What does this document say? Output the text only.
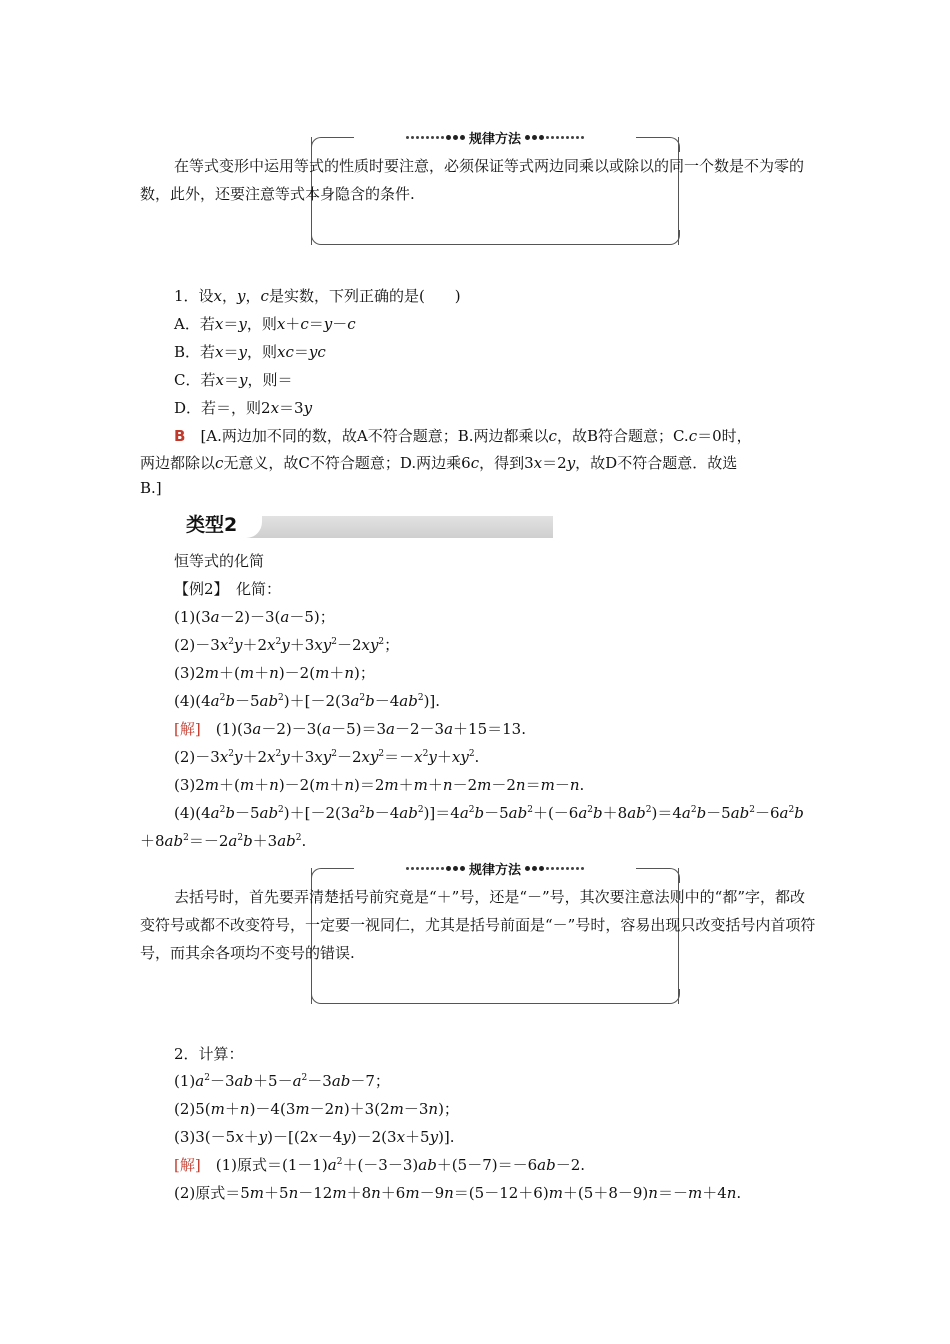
规律方法
在等式变形中运用等式的性质时要注意，必须保证等式两边同乘以或除以的同一个数是不为零的数，此外，还要注意等式本身隐含的条件.
1．设x，y，c是实数，下列正确的是(　　)
A．若x＝y，则x＋c＝y－c
B．若x＝y，则xc＝yc
C．若x＝y，则＝
D．若＝，则2x＝3y
B　 [A.两边加不同的数，故A不符合题意；B.两边都乘以c，故B符合题意；C.c＝0时，
两边都除以c无意义，故C不符合题意；D.两边乘6c，得到3x＝2y，故D不符合题意．故选
B.]
类型2
恒等式的化简
【例2】　化简：
(1)(3a－2)－3(a－5)；
$(2)-3x^2y+2x^2y+3xy^2-2xy^2$；
(3)2m＋(m＋n)－2(m＋n)；
$(4)(4a^2b-5ab^2)+[-2(3a^2b-4ab^2)]$.
[解]　(1)(3a－2)－3(a－5)＝3a－2－3a＋15＝13.
$(2)-3x^2y+2x^2y+3xy^2-2xy^2=-x^2y+xy^2$.
(3)2m＋(m＋n)－2(m＋n)＝2m＋m＋n－2m－2n＝m－n.
$(4)(4a^2b-5ab^2)+[-2(3a^2b-4ab^2)]=4a^2b-5ab^2+(-6a^2b+8ab^2)=4a^2b-5ab^2-6a^2b$
$+8ab^2=-2a^2b+3ab^2$.
规律方法
去括号时，首先要弄清楚括号前究竟是“＋”号，还是“－”号，其次要注意法则中的“都”字，都改变符号或都不改变符号，一定要一视同仁，尤其是括号前面是“－”号时，容易出现只改变括号内首项符号，而其余各项均不变号的错误.
2．计算：
$(1)a^2-3ab+5-a^2-3ab-7$；
(2)5(m＋n)－4(3m－2n)＋3(2m－3n)；
(3)3(－5x＋y)－[(2x－4y)－2(3x＋5y)].
[解]　(1)原式$=(1-1)a^2+(-3-3)ab+(5-7)=-6ab-2$.
(2)原式＝5m＋5n－12m＋8n＋6m－9n＝(5－12＋6)m＋(5＋8－9)n＝－m＋4n.
